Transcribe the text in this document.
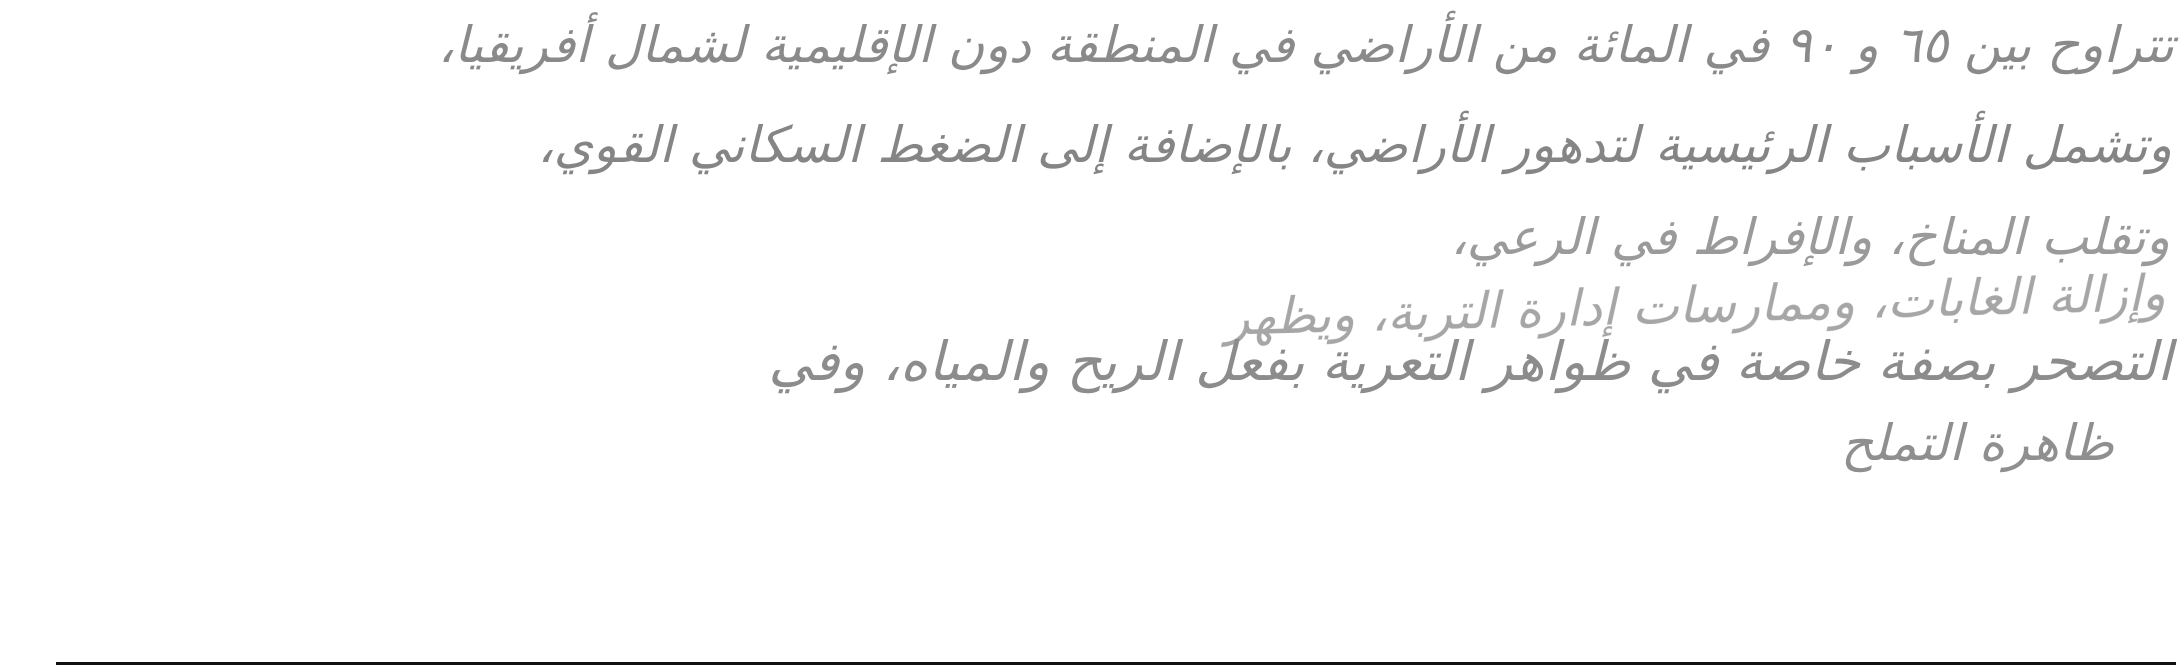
تتراوح بين ٦٥ و ٩٠ في المائة من الأراضي في المنطقة دون الإقليمية لشمال أفريقيا،
وتشمل الأسباب الرئيسية لتدهور الأراضي، بالإضافة إلى الضغط السكاني القوي،
وتقلب المناخ، والإفراط في الرعي،
وإزالة الغابات، وممارسات إدارة التربة، ويظهر
التصحر بصفة خاصة في ظواهر التعرية بفعل الريح والمياه، وفي
ظاهرة التملح
